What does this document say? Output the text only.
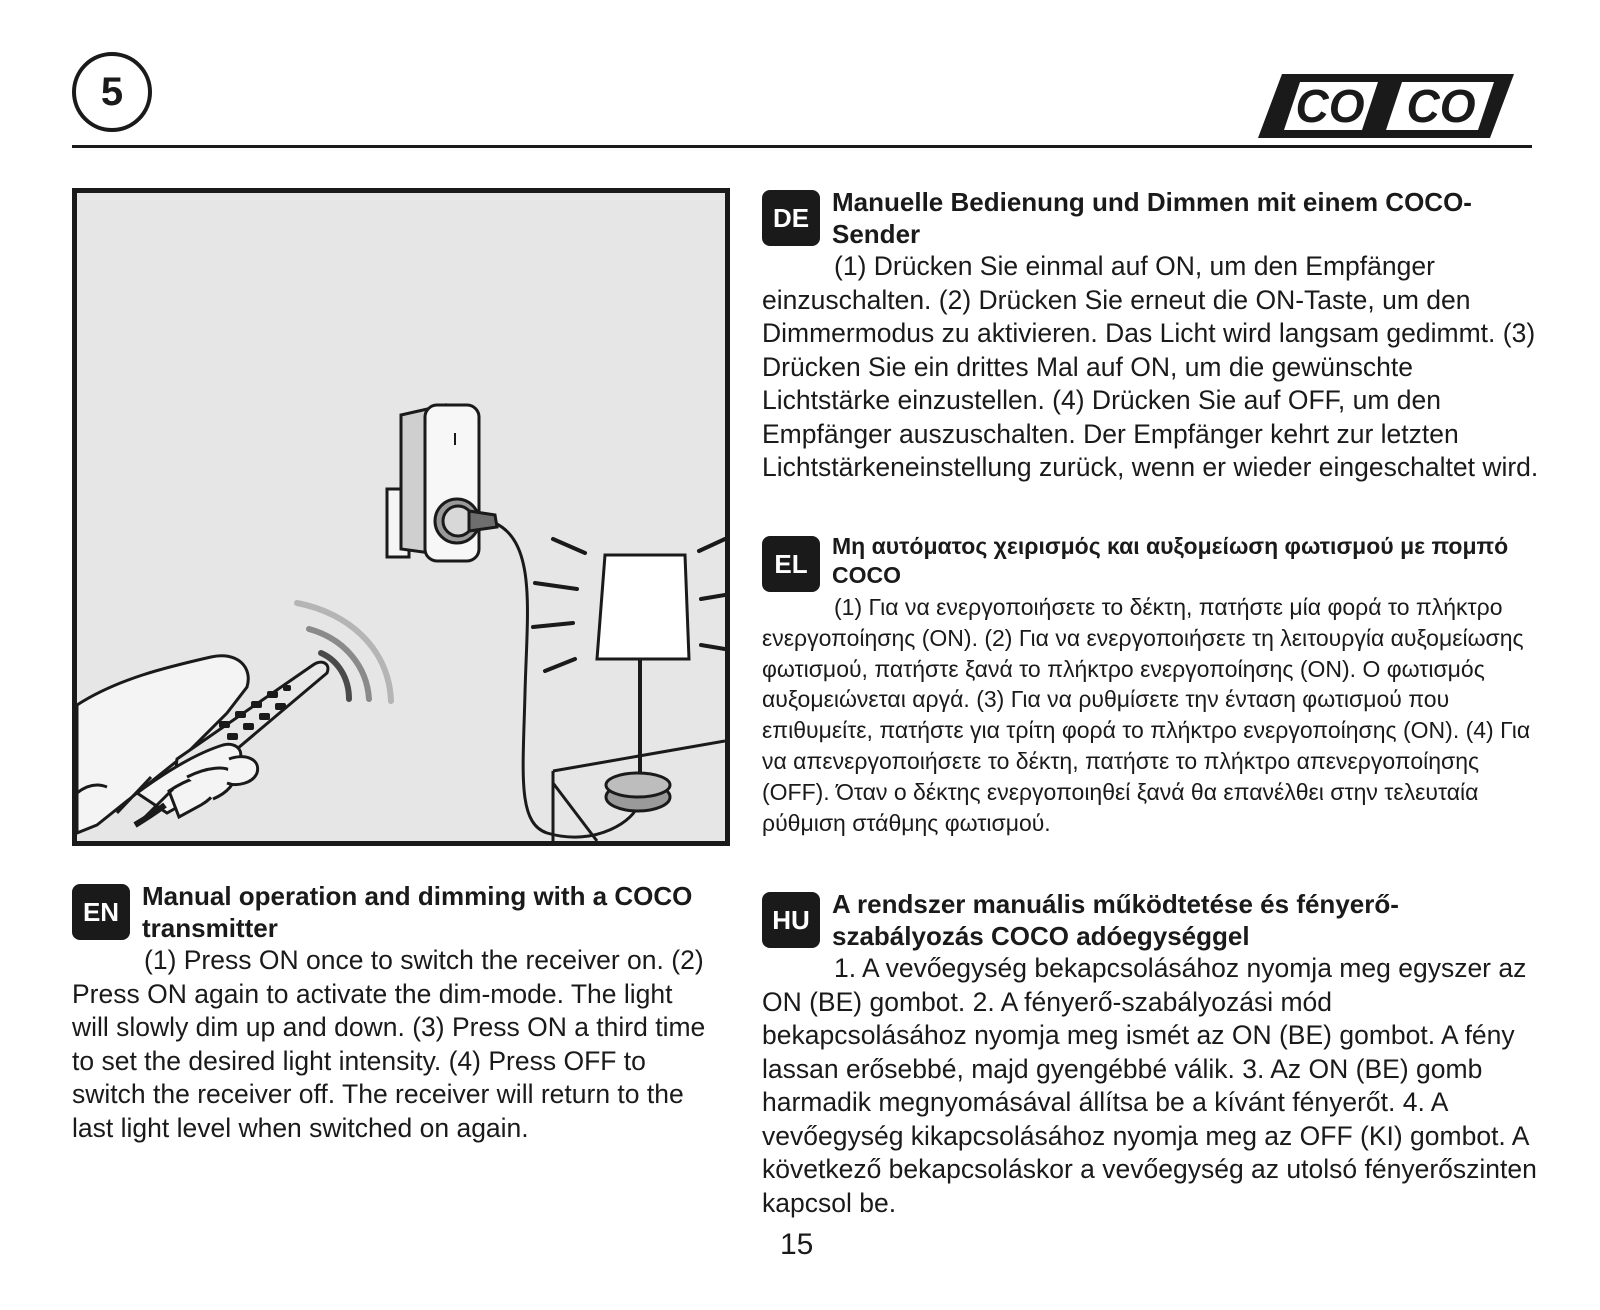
5	CO CO
DE
Manuelle Bedienung und Dimmen mit einem COCO-Sender

(1) Drücken Sie einmal auf ON, um den Empfänger einzuschalten. (2) Drücken Sie erneut die ON-Taste, um den Dimmermodus zu aktivieren. Das Licht wird langsam gedimmt. (3) Drücken Sie ein drittes Mal auf ON, um die gewünschte Lichtstärke einzustellen. (4) Drücken Sie auf OFF, um den Empfänger auszuschalten. Der Empfänger kehrt zur letzten Lichtstärkeneinstellung zurück, wenn er wieder eingeschaltet wird.

EL
Μη αυτόματος χειρισμός και αυξομείωση φωτισμού με πομπό COCO

(1) Για να ενεργοποιήσετε το δέκτη, πατήστε μία φορά το πλήκτρο ενεργοποίησης (ON). (2) Για να ενεργοποιήσετε τη λειτουργία αυξομείωσης φωτισμού, πατήστε ξανά το πλήκτρο ενεργοποίησης (ON). Ο φωτισμός αυξομειώνεται αργά. (3) Για να ρυθμίσετε την ένταση φωτισμού που επιθυμείτε, πατήστε για τρίτη φορά το πλήκτρο ενεργοποίησης (ON). (4) Για να απενεργοποιήσετε το δέκτη, πατήστε το πλήκτρο απενεργοποίησης (OFF). Όταν ο δέκτης ενεργοποιηθεί ξανά θα επανέλθει στην τελευταία ρύθμιση στάθμης φωτισμού.

EN
Manual operation and dimming with a COCO transmitter

(1) Press ON once to switch the receiver on. (2) Press ON again to activate the dim-mode. The light will slowly dim up and down. (3) Press ON a third time to set the desired light intensity. (4) Press OFF to switch the receiver off. The receiver will return to the last light level when switched on again.

HU
A rendszer manuális működtetése és fényerő-szabályozás COCO adóegységgel

1. A vevőegység bekapcsolásához nyomja meg egyszer az ON (BE) gombot. 2. A fényerő-szabályozási mód bekapcsolásához nyomja meg ismét az ON (BE) gombot. A fény lassan erősebbé, majd gyengébbé válik. 3. Az ON (BE) gomb harmadik megnyomásával állítsa be a kívánt fényerőt. 4. A vevőegység kikapcsolásához nyomja meg az OFF (KI) gombot. A következő bekapcsoláskor a vevőegység az utolsó fényerőszinten kapcsol be.

15
